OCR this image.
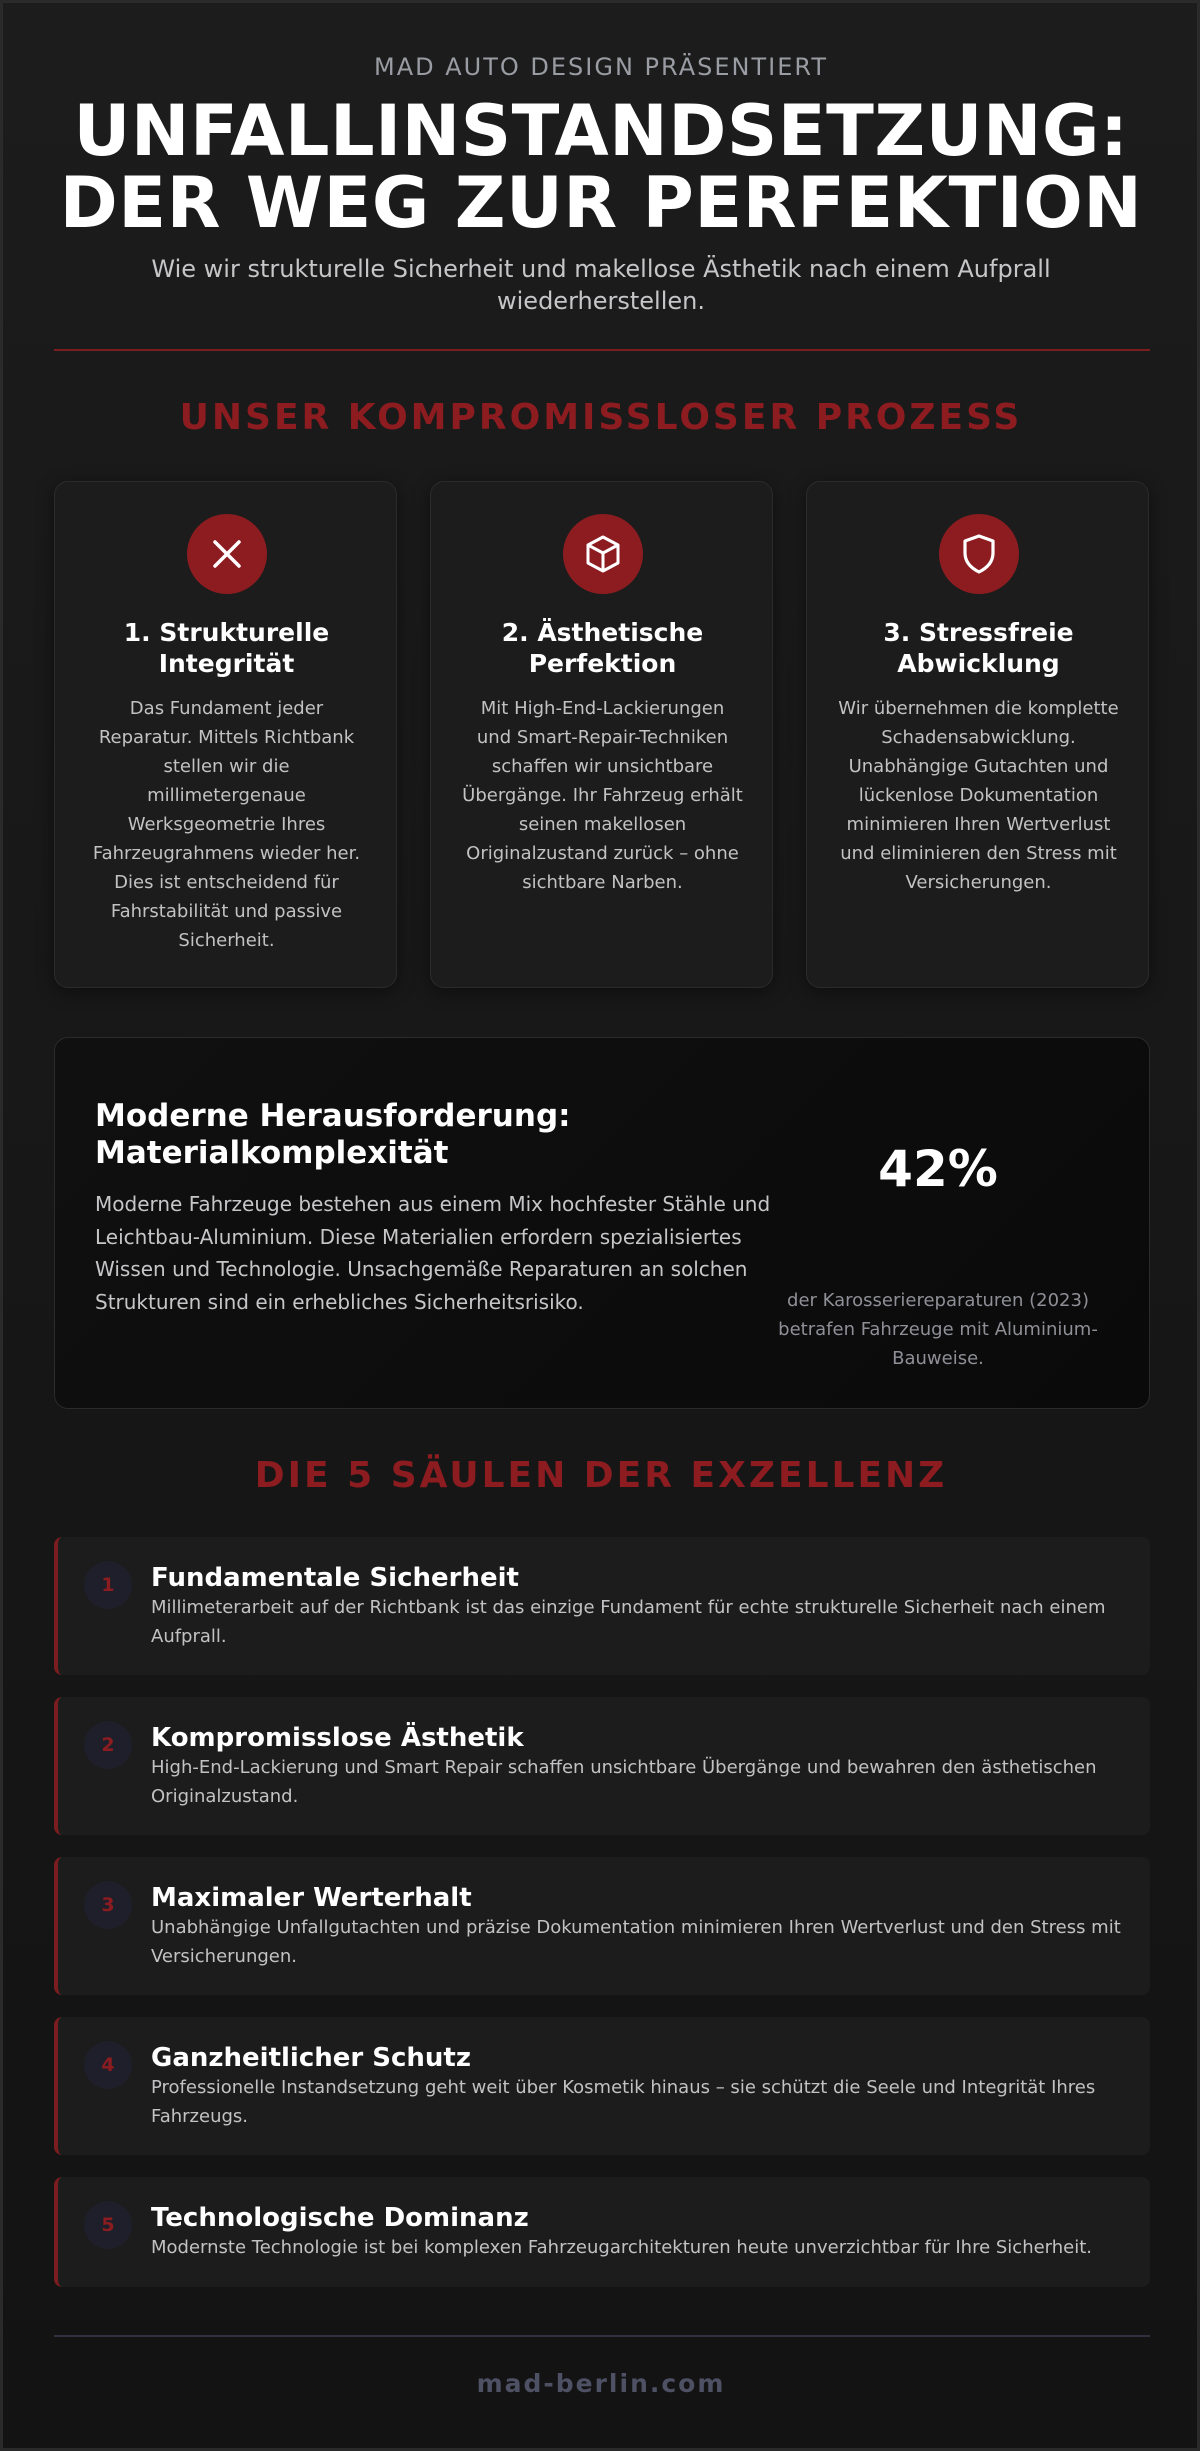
MAD AUTO DESIGN PRÄSENTIERT
UNFALLINSTANDSETZUNG:
DER WEG ZUR PERFEKTION
Wie wir strukturelle Sicherheit und makellose Ästhetik nach einem Aufprall wiederherstellen.
UNSER KOMPROMISSLOSER PROZESS
1. Strukturelle Integrität
Das Fundament jeder Reparatur. Mittels Richtbank stellen wir die millimetergenaue Werksgeometrie Ihres Fahrzeugrahmens wieder her. Dies ist entscheidend für Fahrstabilität und passive Sicherheit.
2. Ästhetische Perfektion
Mit High-End-Lackierungen und Smart-Repair-Techniken schaffen wir unsichtbare Übergänge. Ihr Fahrzeug erhält seinen makellosen Originalzustand zurück – ohne sichtbare Narben.
3. Stressfreie Abwicklung
Wir übernehmen die komplette Schadensabwicklung. Unabhängige Gutachten und lückenlose Dokumentation minimieren Ihren Wertverlust und eliminieren den Stress mit Versicherungen.
Moderne Herausforderung: Materialkomplexität
Moderne Fahrzeuge bestehen aus einem Mix hochfester Stähle und Leichtbau-Aluminium. Diese Materialien erfordern spezialisiertes Wissen und Technologie. Unsachgemäße Reparaturen an solchen Strukturen sind ein erhebliches Sicherheitsrisiko.
42%
der Karosseriereparaturen (2023) betrafen Fahrzeuge mit Aluminium-Bauweise.
DIE 5 SÄULEN DER EXZELLENZ
1	Fundamentale Sicherheit
Millimeterarbeit auf der Richtbank ist das einzige Fundament für echte strukturelle Sicherheit nach einem Aufprall.
2	Kompromisslose Ästhetik
High-End-Lackierung und Smart Repair schaffen unsichtbare Übergänge und bewahren den ästhetischen Originalzustand.
3	Maximaler Werterhalt
Unabhängige Unfallgutachten und präzise Dokumentation minimieren Ihren Wertverlust und den Stress mit Versicherungen.
4	Ganzheitlicher Schutz
Professionelle Instandsetzung geht weit über Kosmetik hinaus – sie schützt die Seele und Integrität Ihres Fahrzeugs.
5	Technologische Dominanz
Modernste Technologie ist bei komplexen Fahrzeugarchitekturen heute unverzichtbar für Ihre Sicherheit.
mad-berlin.com
